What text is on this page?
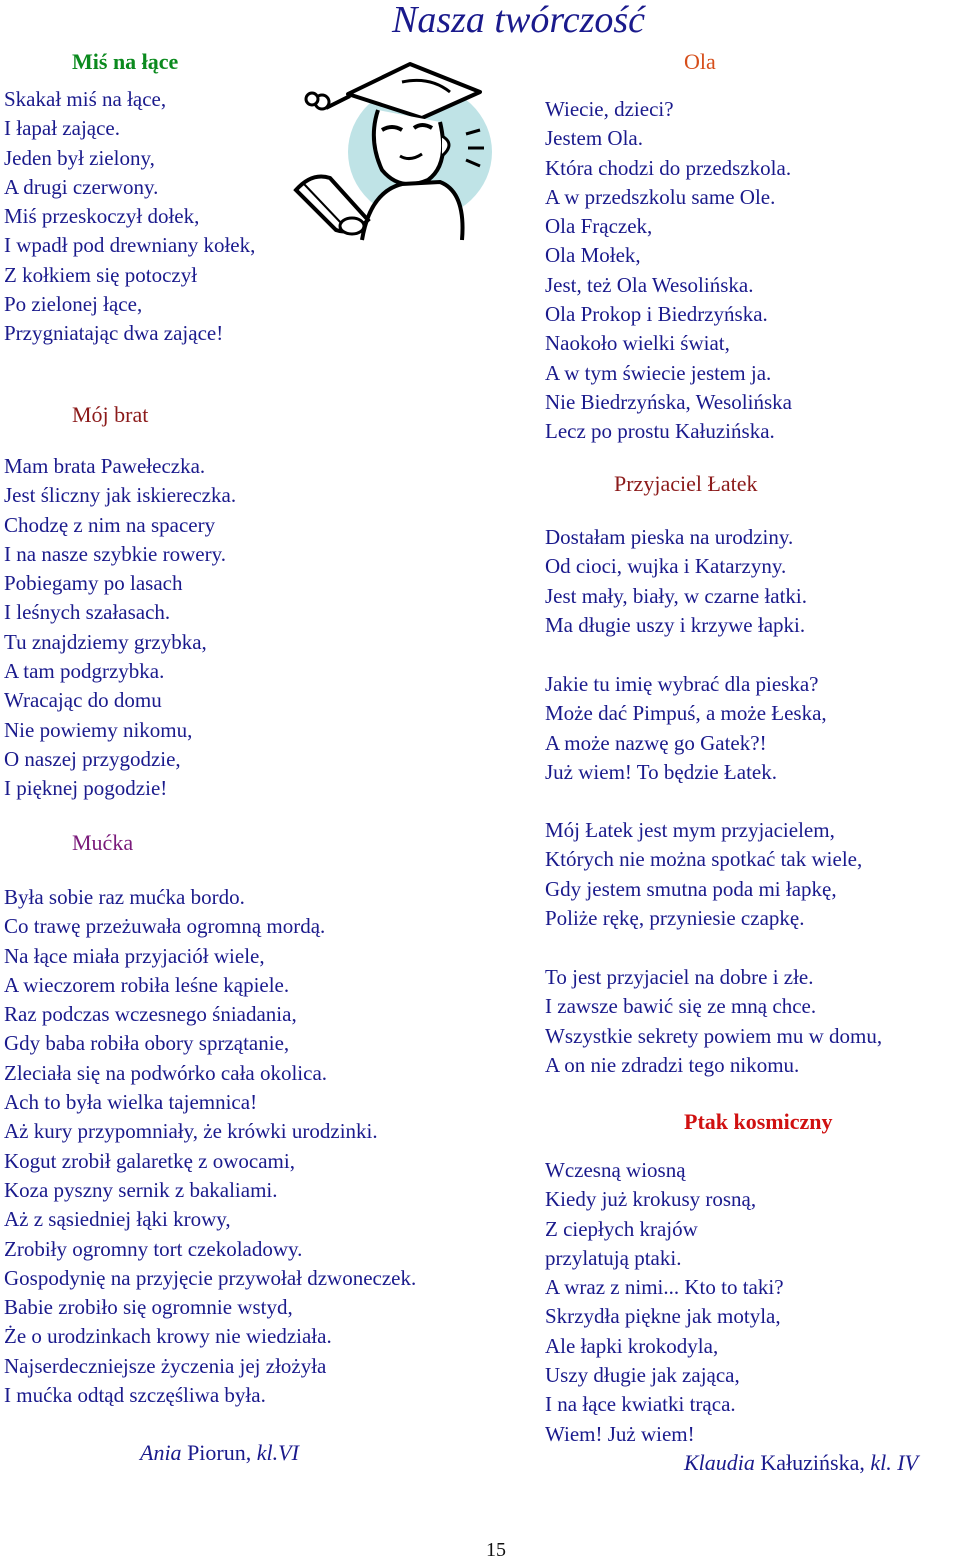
Nasza twórczość
Miś na łące
Skakał miś na łące,
I łapał zające.
Jeden był zielony,
A drugi czerwony.
Miś przeskoczył dołek,
I wpadł pod drewniany kołek,
Z kołkiem się potoczył
Po zielonej łące,
Przygniatając dwa zające!
Mój brat
Mam brata Pawełeczka.
Jest śliczny jak iskiereczka.
Chodzę z nim na spacery
I na nasze szybkie rowery.
Pobiegamy po lasach
I leśnych szałasach.
Tu znajdziemy grzybka,
A tam podgrzybka.
Wracając do domu
Nie powiemy nikomu,
O naszej przygodzie,
I pięknej pogodzie!
Mućka
Była sobie raz mućka bordo.
Co trawę przeżuwała ogromną mordą.
Na łące miała przyjaciół wiele,
A wieczorem robiła leśne kąpiele.
Raz podczas wczesnego śniadania,
Gdy baba robiła obory sprzątanie,
Zleciała się na podwórko cała okolica.
Ach to była wielka tajemnica!
Aż kury przypomniały, że krówki urodzinki.
Kogut zrobił galaretkę z owocami,
Koza pyszny sernik z bakaliami.
Aż z sąsiedniej łąki krowy,
Zrobiły ogromny tort czekoladowy.
Gospodynię na przyjęcie przywołał dzwoneczek.
Babie zrobiło się ogromnie wstyd,
Że o urodzinkach krowy nie wiedziała.
Najserdeczniejsze życzenia jej złożyła
I mućka odtąd szczęśliwa była.
Ania Piorun, kl.VI
Ola
Wiecie, dzieci?
Jestem Ola.
Która chodzi do przedszkola.
A w przedszkolu same Ole.
Ola Frączek,
Ola Mołek,
Jest, też Ola Wesolińska.
Ola Prokop i Biedrzyńska.
Naokoło wielki świat,
A w tym świecie jestem ja.
Nie Biedrzyńska, Wesolińska
Lecz po prostu Kałuzińska.
Przyjaciel Łatek
Dostałam pieska na urodziny.
Od cioci, wujka i Katarzyny.
Jest mały, biały, w czarne łatki.
Ma długie uszy i krzywe łapki.
Jakie tu imię wybrać dla pieska?
Może dać Pimpuś, a może Łeska,
A może nazwę go Gatek?!
Już wiem! To będzie Łatek.
Mój Łatek jest mym przyjacielem,
Których nie można spotkać tak wiele,
Gdy jestem smutna poda mi łapkę,
Poliże rękę, przyniesie czapkę.
To jest przyjaciel na dobre i złe.
I zawsze bawić się ze mną chce.
Wszystkie sekrety powiem mu w domu,
A on nie zdradzi tego nikomu.
Ptak kosmiczny
Wczesną wiosną
Kiedy już krokusy rosną,
Z ciepłych krajów
przylatują ptaki.
A wraz z nimi... Kto to taki?
Skrzydła piękne jak motyla,
Ale łapki krokodyla,
Uszy długie jak zająca,
I na łące kwiatki trąca.
Wiem! Już wiem!
Klaudia Kałuzińska, kl. IV
15
